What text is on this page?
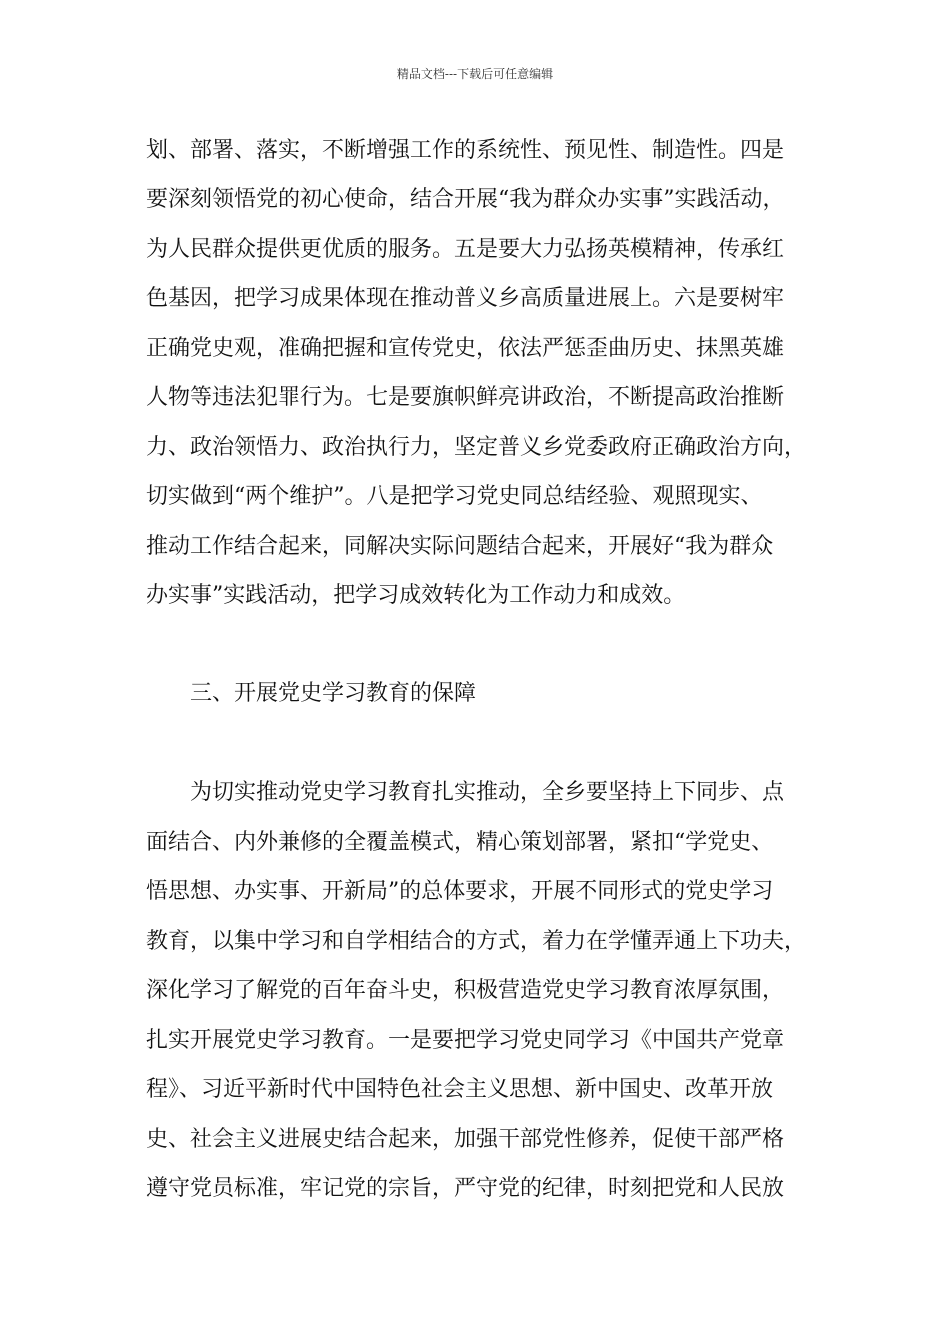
精品文档---下载后可任意编辑
划、部署、落实，不断增强工作的系统性、预见性、制造性。四是
要深刻领悟党的初心使命，结合开展“我为群众办实事”实践活动，
为人民群众提供更优质的服务。五是要大力弘扬英模精神，传承红
色基因，把学习成果体现在推动普义乡高质量进展上。六是要树牢
正确党史观，准确把握和宣传党史，依法严惩歪曲历史、抹黑英雄
人物等违法犯罪行为。七是要旗帜鲜亮讲政治，不断提高政治推断
力、政治领悟力、政治执行力，坚定普义乡党委政府正确政治方向，
切实做到“两个维护”。八是把学习党史同总结经验、观照现实、
推动工作结合起来，同解决实际问题结合起来，开展好“我为群众
办实事”实践活动，把学习成效转化为工作动力和成效。
三、开展党史学习教育的保障
为切实推动党史学习教育扎实推动，全乡要坚持上下同步、点
面结合、内外兼修的全覆盖模式，精心策划部署，紧扣“学党史、
悟思想、办实事、开新局”的总体要求，开展不同形式的党史学习
教育，以集中学习和自学相结合的方式，着力在学懂弄通上下功夫，
深化学习了解党的百年奋斗史，积极营造党史学习教育浓厚氛围，
扎实开展党史学习教育。一是要把学习党史同学习《中国共产党章
程》、习近平新时代中国特色社会主义思想、新中国史、改革开放
史、社会主义进展史结合起来，加强干部党性修养，促使干部严格
遵守党员标准，牢记党的宗旨，严守党的纪律，时刻把党和人民放
